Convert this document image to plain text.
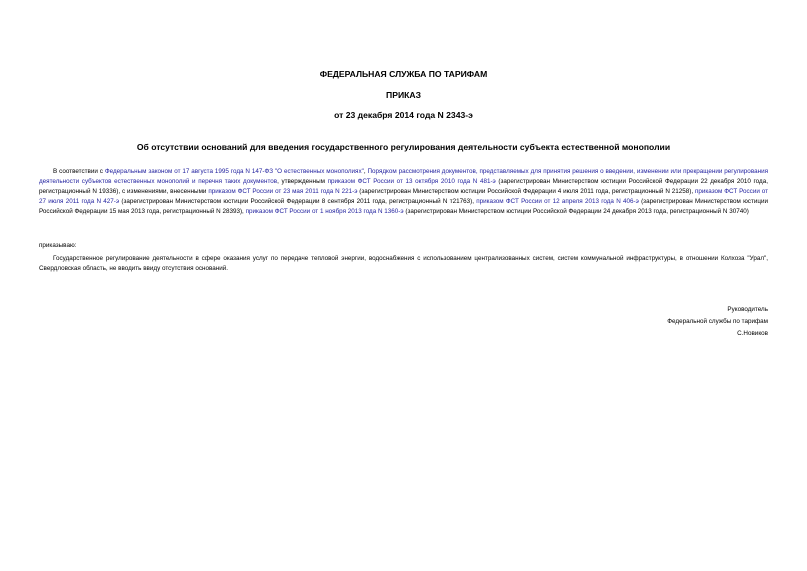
ФЕДЕРАЛЬНАЯ СЛУЖБА ПО ТАРИФАМ
ПРИКАЗ
от 23 декабря 2014 года N 2343-э
Об отсутствии оснований для введения государственного регулирования деятельности субъекта естественной монополии
В соответствии с Федеральным законом от 17 августа 1995 года N 147-ФЗ "О естественных монополиях", Порядком рассмотрения документов, представляемых для принятия решения о введении, изменении или прекращении регулирования деятельности субъектов естественных монополий и перечня таких документов, утвержденным приказом ФСТ России от 13 октября 2010 года N 481-э (зарегистрирован Министерством юстиции Российской Федерации 22 декабря 2010 года, регистрационный N 19336), с изменениями, внесенными приказом ФСТ России от 23 мая 2011 года N 221-э (зарегистрирован Министерством юстиции Российской Федерации 4 июля 2011 года, регистрационный N 21258), приказом ФСТ России от 27 июля 2011 года N 427-э (зарегистрирован Министерством юстиции Российской Федерации 8 сентября 2011 года, регистрационный N т21763), приказом ФСТ России от 12 апреля 2013 года N 406-э (зарегистрирован Министерством юстиции Российской Федерации 15 мая 2013 года, регистрационный N 28393), приказом ФСТ России от 1 ноября 2013 года N 1360-э (зарегистрирован Министерством юстиции Российской Федерации 24 декабря 2013 года, регистрационный N 30740)
приказываю:
Государственное регулирование деятельности в сфере оказания услуг по передаче тепловой энергии, водоснабжения с использованием централизованных систем, систем коммунальной инфраструктуры, в отношении Колхоза "Урал", Свердловская область, не вводить ввиду отсутствия оснований.
Руководитель
Федеральной службы по тарифам
С.Новиков
